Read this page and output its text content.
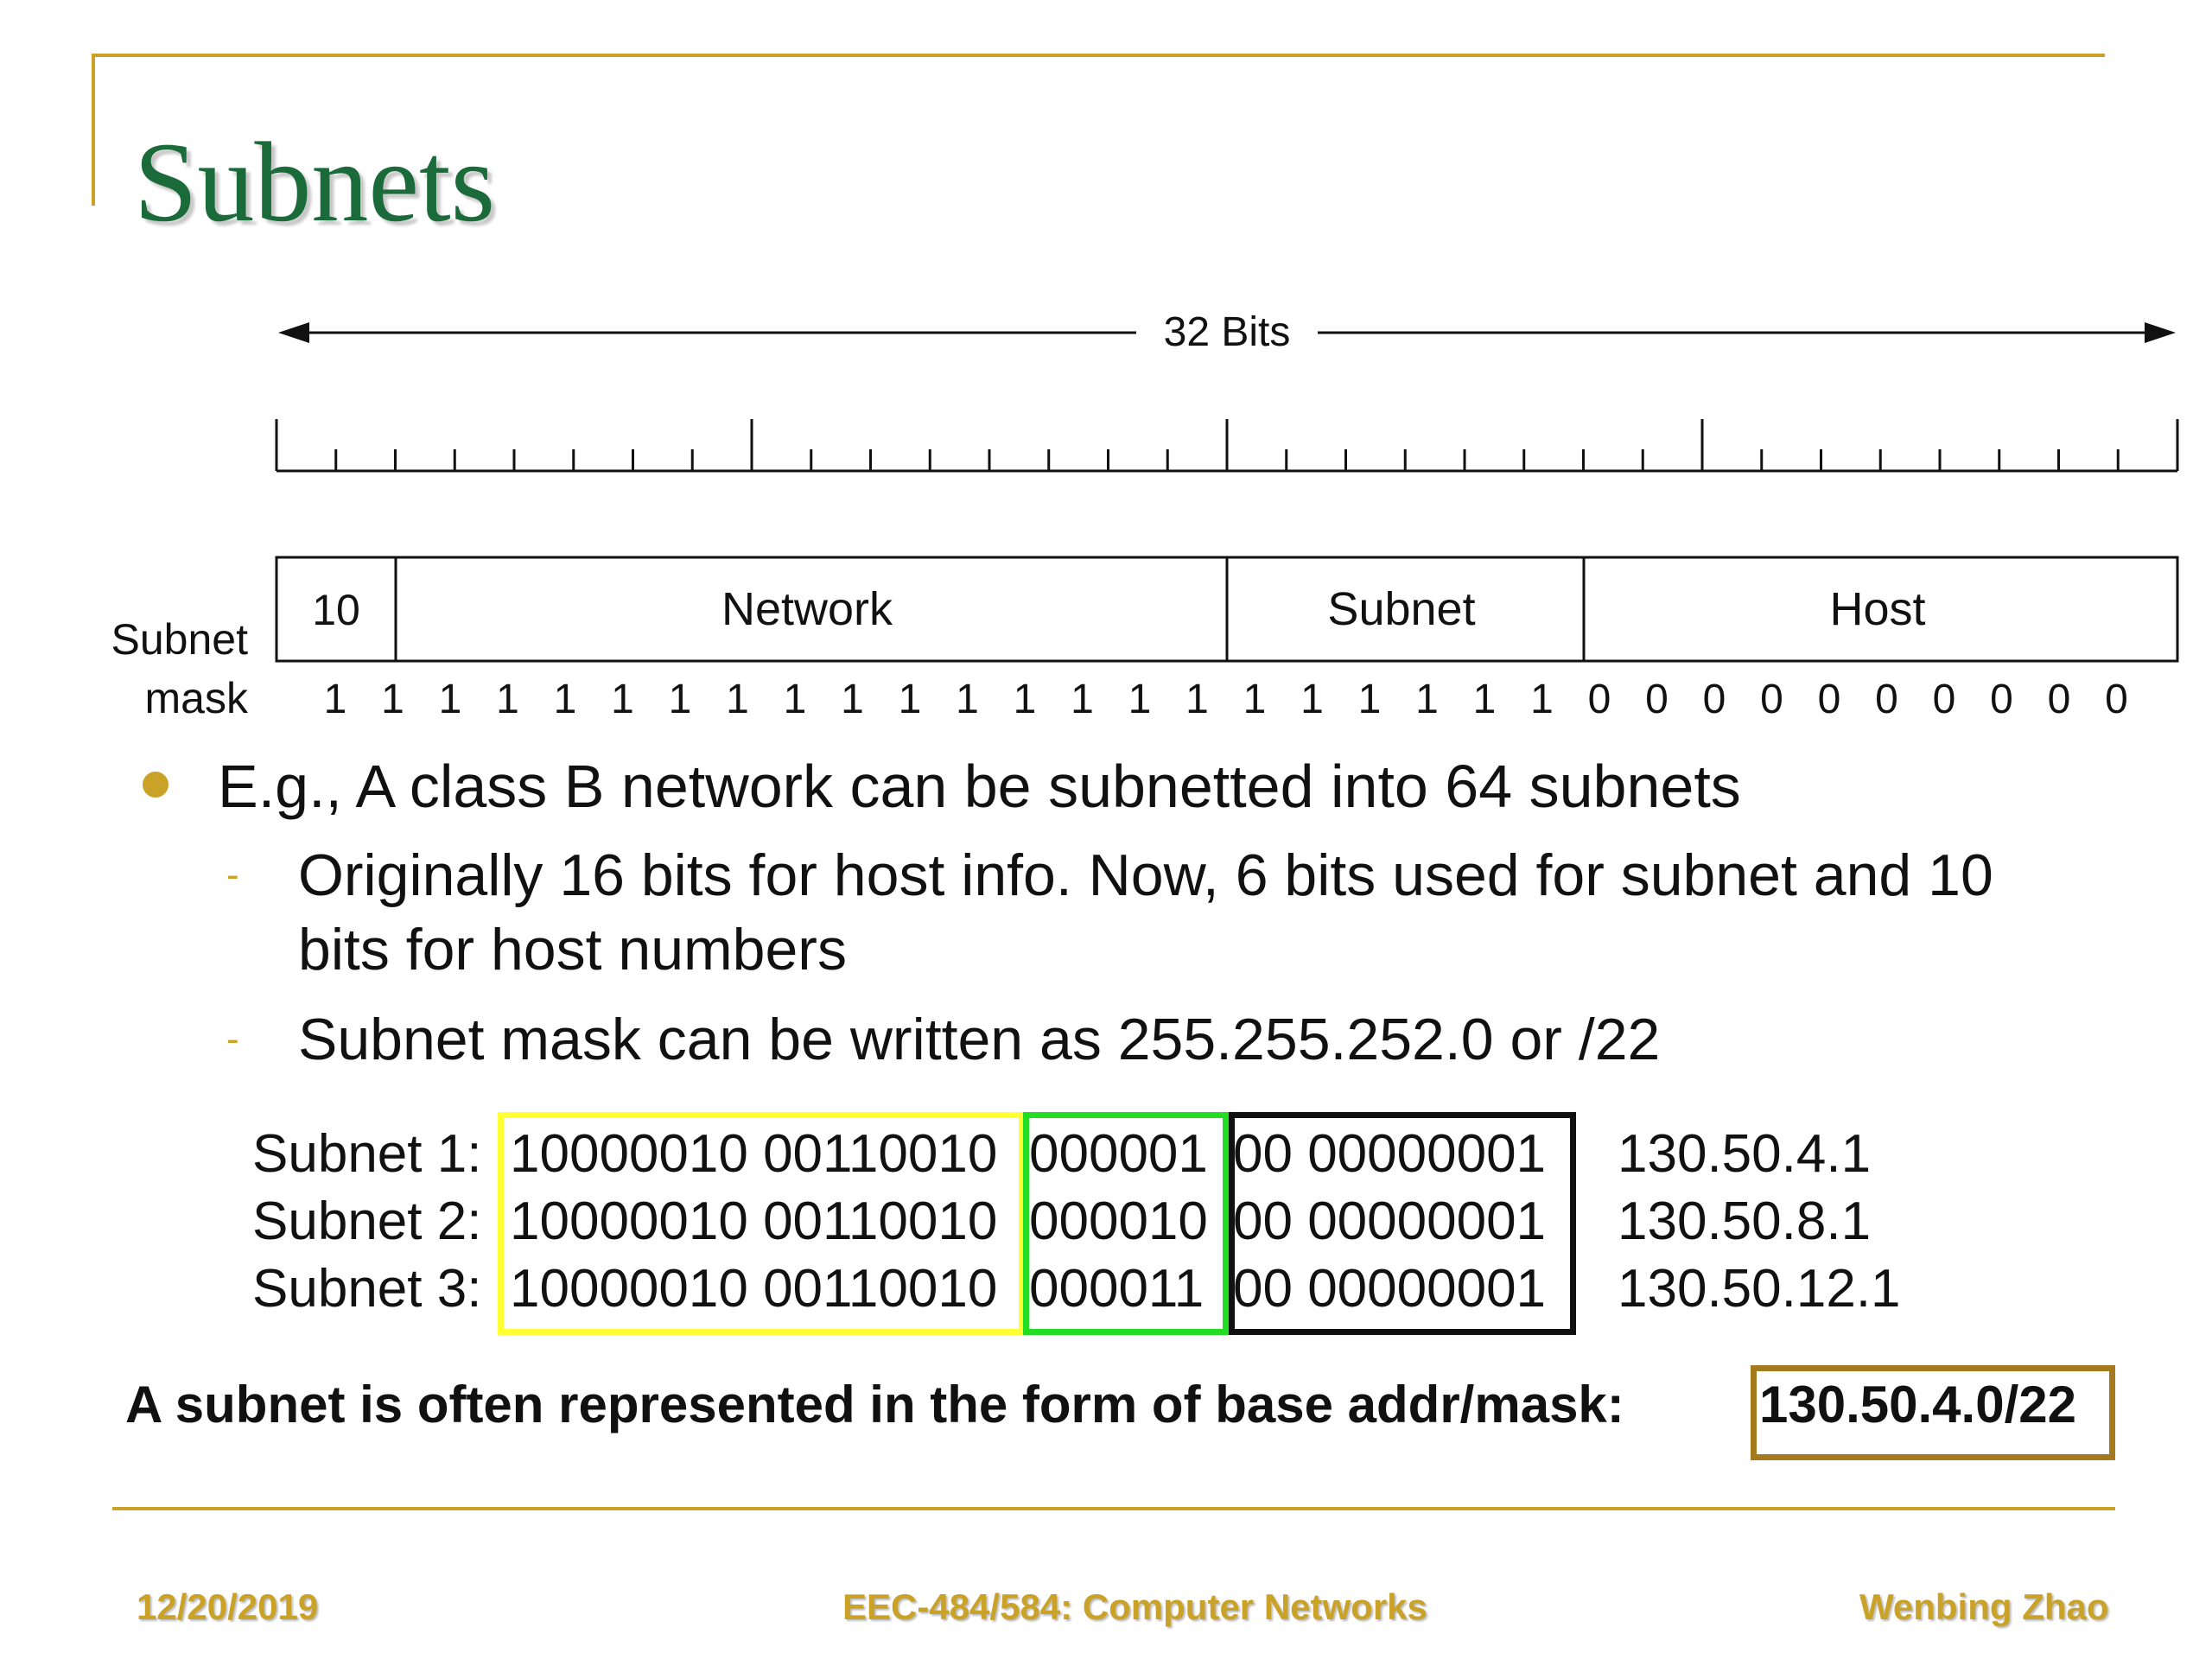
Subnets
32 Bits
10	Network	Subnet	Host
Subnet
mask 1 1 1 1 1 1 1 1 1 1 1 1 1 1 1 1 1 1 1 1 1 1 0 0 0 0 0 0 0 0 0 0
E.g., A class B network can be subnetted into 64 subnets
- Originally 16 bits for host info. Now, 6 bits used for subnet and 10
bits for host numbers
- Subnet mask can be written as 255.255.252.0 or /22
Subnet 1: 10000010 00110010 000001 00 00000001 130.50.4.1
Subnet 2: 10000010 00110010 000010 00 00000001 130.50.8.1
Subnet 3: 10000010 00110010 000011 00 00000001 130.50.12.1
A subnet is often represented in the form of base addr/mask:	130.50.4.0/22
12/20/2019	EEC-484/584: Computer Networks	Wenbing Zhao
